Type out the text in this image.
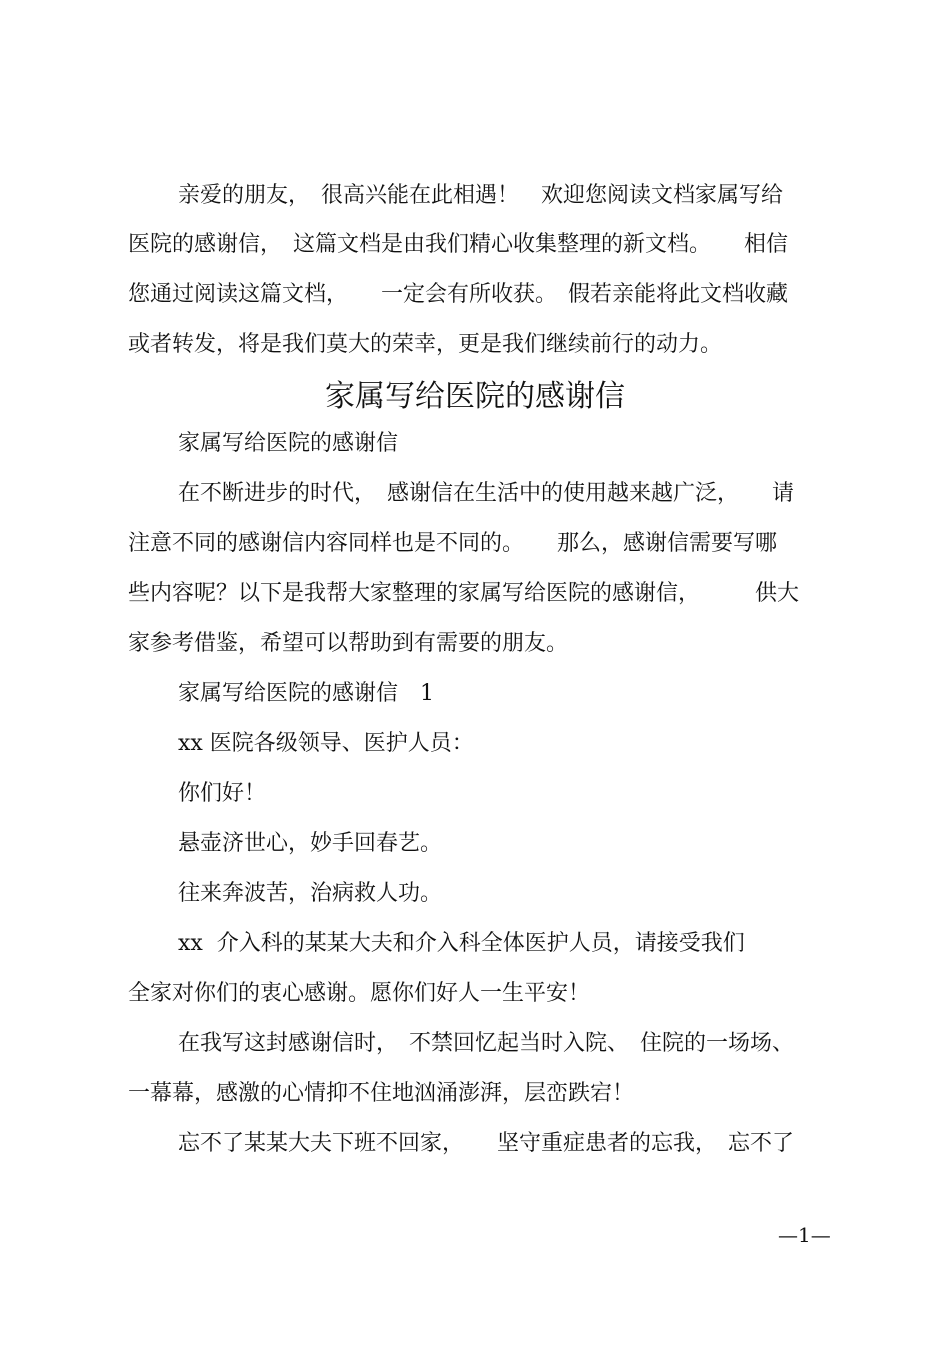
亲爱的朋友，　很高兴能在此相遇！　欢迎您阅读文档家属写给
医院的感谢信，　这篇文档是由我们精心收集整理的新文档。　　相信
您通过阅读这篇文档，　　一定会有所收获。　假若亲能将此文档收藏
或者转发，将是我们莫大的荣幸，更是我们继续前行的动力。
家属写给医院的感谢信
家属写给医院的感谢信
在不断进步的时代，　感谢信在生活中的使用越来越广泛，　　请
注意不同的感谢信内容同样也是不同的。　　那么，感谢信需要写哪
些内容呢？以下是我帮大家整理的家属写给医院的感谢信，　　　供大
家参考借鉴，希望可以帮助到有需要的朋友。
家属写给医院的感谢信　1
xx 医院各级领导、医护人员：
你们好！
悬壶济世心，妙手回春艺。
往来奔波苦，治病救人功。
xx  介入科的某某大夫和介入科全体医护人员，请接受我们
全家对你们的衷心感谢。愿你们好人一生平安！
在我写这封感谢信时，　不禁回忆起当时入院、　住院的一场场、
一幕幕，感激的心情抑不住地汹涌澎湃，层峦跌宕！
忘不了某某大夫下班不回家，　　坚守重症患者的忘我，　忘不了
—1—
